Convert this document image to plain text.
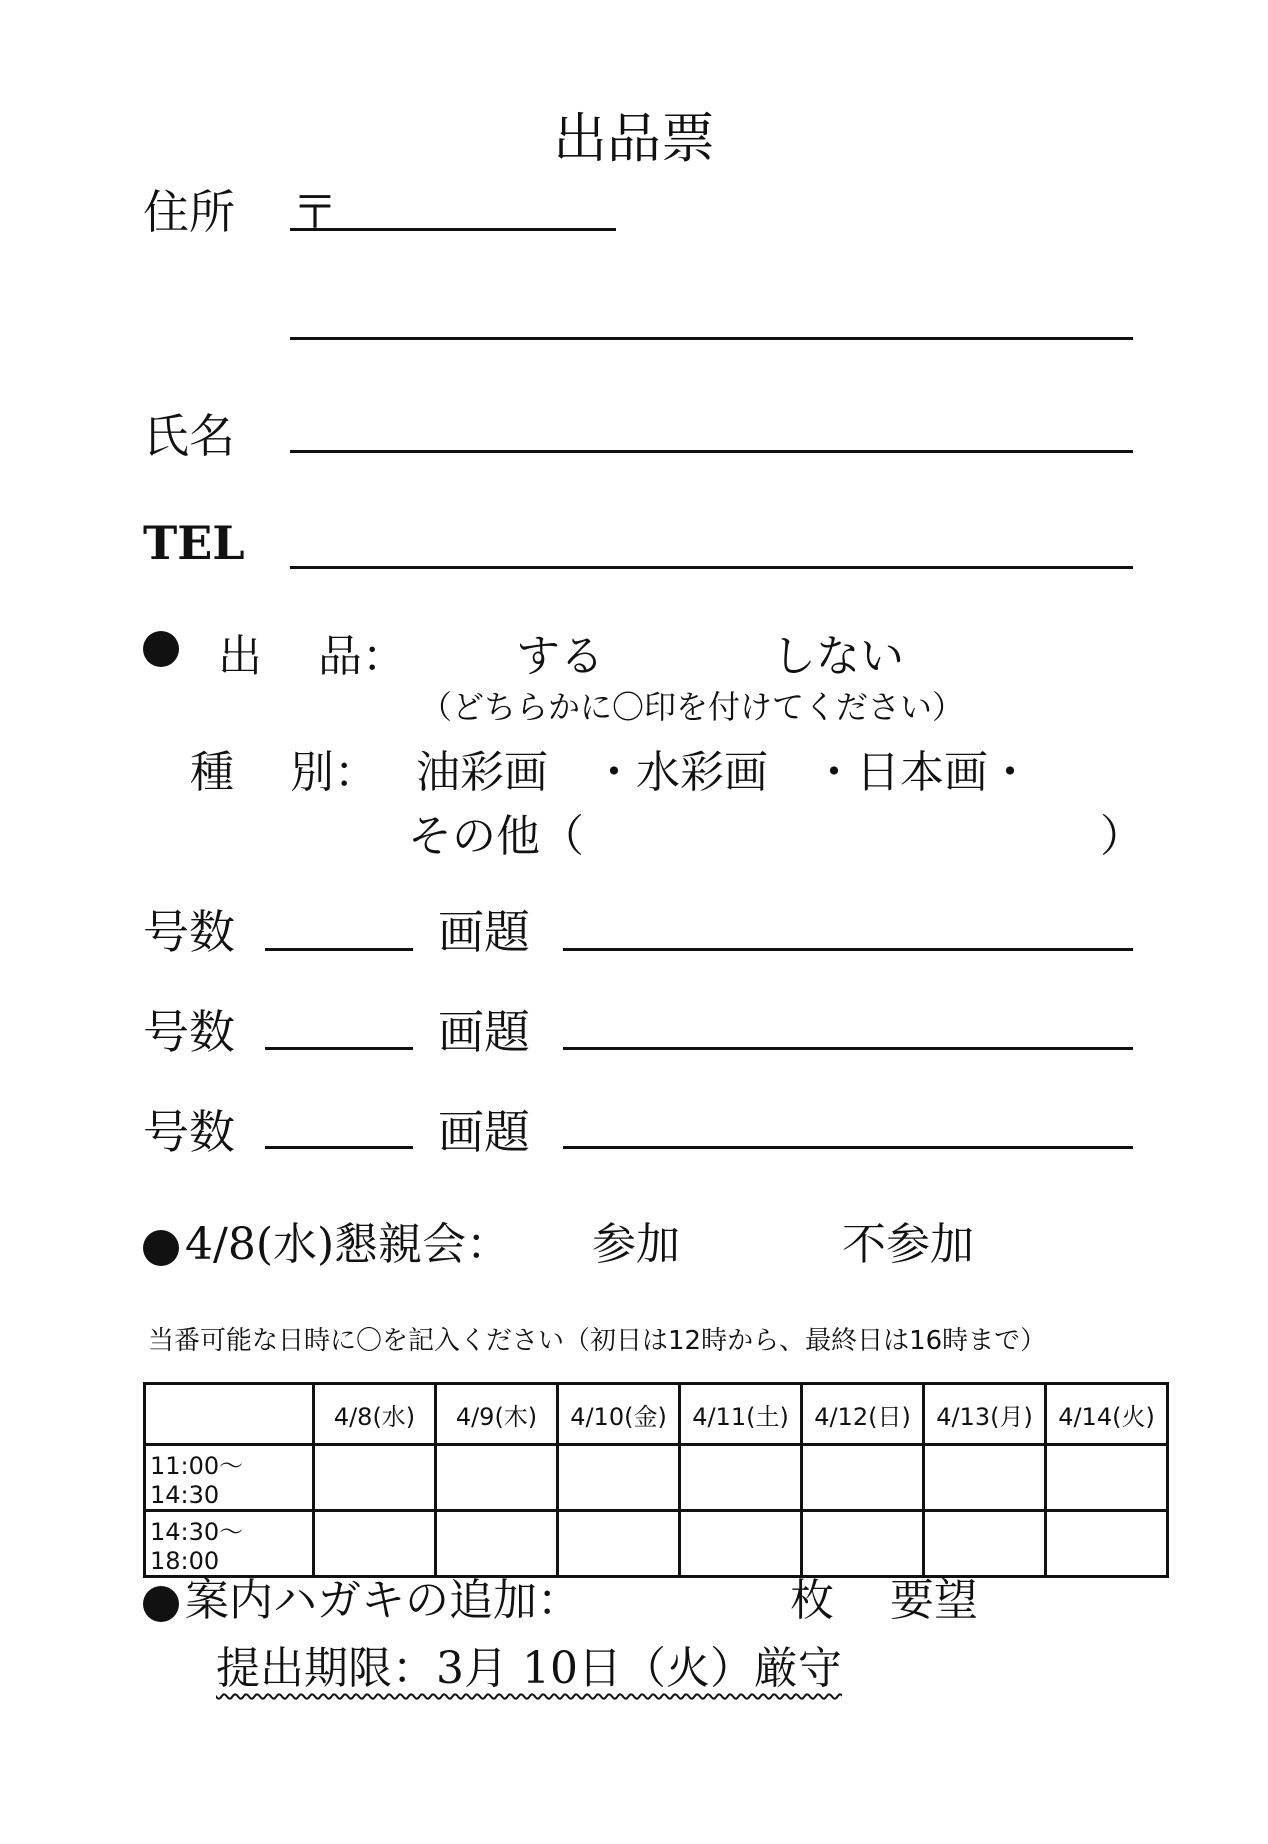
出品票
住所 〒
氏名
TEL
出 品：	する	しない
（どちらかに〇印を付けてください）
種 別： 油彩画　・水彩画　・日本画・
その他（	）
号数	画題
号数	画題
号数	画題
4/8(水)懇親会： 参加	不参加
当番可能な日時に〇を記入ください（初日は12時から、最終日は16時まで）
	4/8(水)	4/9(木)	4/10(金)	4/11(土)	4/12(日)	4/13(月)	4/14(火)
11:00〜14:30							
14:30〜18:00							
案内ハガキの追加：	枚 要望
提出期限：3月 10日（火）厳守
